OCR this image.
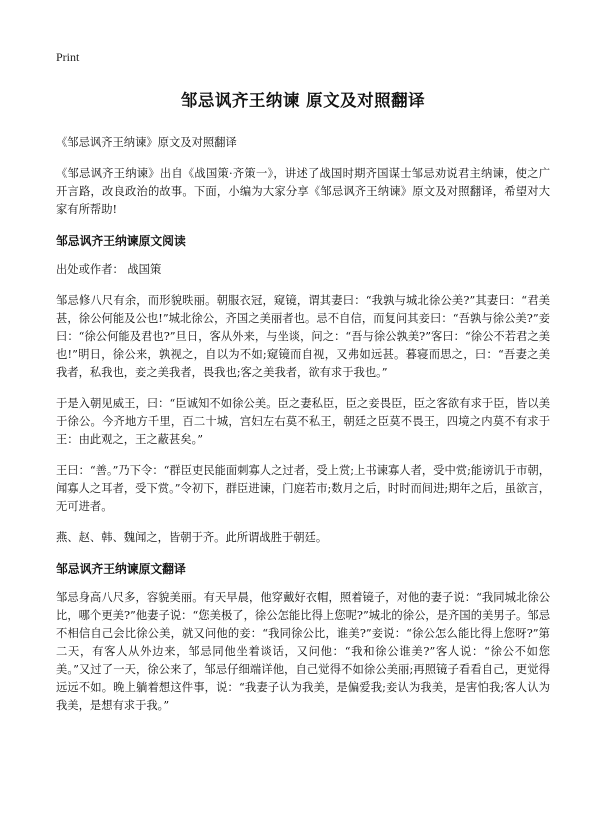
Print
邹忌讽齐王纳谏 原文及对照翻译

《邹忌讽齐王纳谏》原文及对照翻译

《邹忌讽齐王纳谏》出自《战国策·齐策一》，讲述了战国时期齐国谋士邹忌劝说君主纳谏，使之广开言路，改良政治的故事。下面，小编为大家分享《邹忌讽齐王纳谏》原文及对照翻译，希望对大家有所帮助!

邹忌讽齐王纳谏原文阅读

出处或作者： 战国策

邹忌修八尺有余，而形貌昳丽。朝服衣冠，窥镜，谓其妻曰：“我孰与城北徐公美?”其妻曰：“君美甚，徐公何能及公也!”城北徐公，齐国之美丽者也。忌不自信，而复问其妾曰：“吾孰与徐公美?”妾曰：“徐公何能及君也?”旦日，客从外来，与坐谈，问之：“吾与徐公孰美?”客曰：“徐公不若君之美也!”明日，徐公来，孰视之，自以为不如;窥镜而自视，又弗如远甚。暮寝而思之，曰：“吾妻之美我者，私我也，妾之美我者，畏我也;客之美我者，欲有求于我也。”

于是入朝见威王，曰：“臣诚知不如徐公美。臣之妻私臣，臣之妾畏臣，臣之客欲有求于臣，皆以美于徐公。今齐地方千里，百二十城，宫妇左右莫不私王，朝廷之臣莫不畏王，四境之内莫不有求于王：由此观之，王之蔽甚矣。”

王曰：“善。”乃下令：“群臣吏民能面刺寡人之过者，受上赏;上书谏寡人者，受中赏;能谤讥于市朝，闻寡人之耳者，受下赏。”令初下，群臣进谏，门庭若市;数月之后，时时而间进;期年之后，虽欲言，无可进者。

燕、赵、韩、魏闻之，皆朝于齐。此所谓战胜于朝廷。

邹忌讽齐王纳谏原文翻译

邹忌身高八尺多，容貌美丽。有天早晨，他穿戴好衣帽，照着镜子，对他的妻子说：“我同城北徐公比，哪个更美?”他妻子说：“您美极了，徐公怎能比得上您呢?”城北的徐公，是齐国的美男子。邹忌不相信自己会比徐公美，就又问他的妾：“我同徐公比，谁美?”妾说：“徐公怎么能比得上您呀?”第二天，有客人从外边来，邹忌同他坐着谈话，又问他：“我和徐公谁美?”客人说：“徐公不如您美。”又过了一天，徐公来了，邹忌仔细端详他，自己觉得不如徐公美丽;再照镜子看看自己，更觉得远远不如。晚上躺着想这件事，说：“我妻子认为我美，是偏爱我;妾认为我美，是害怕我;客人认为我美，是想有求于我。”
